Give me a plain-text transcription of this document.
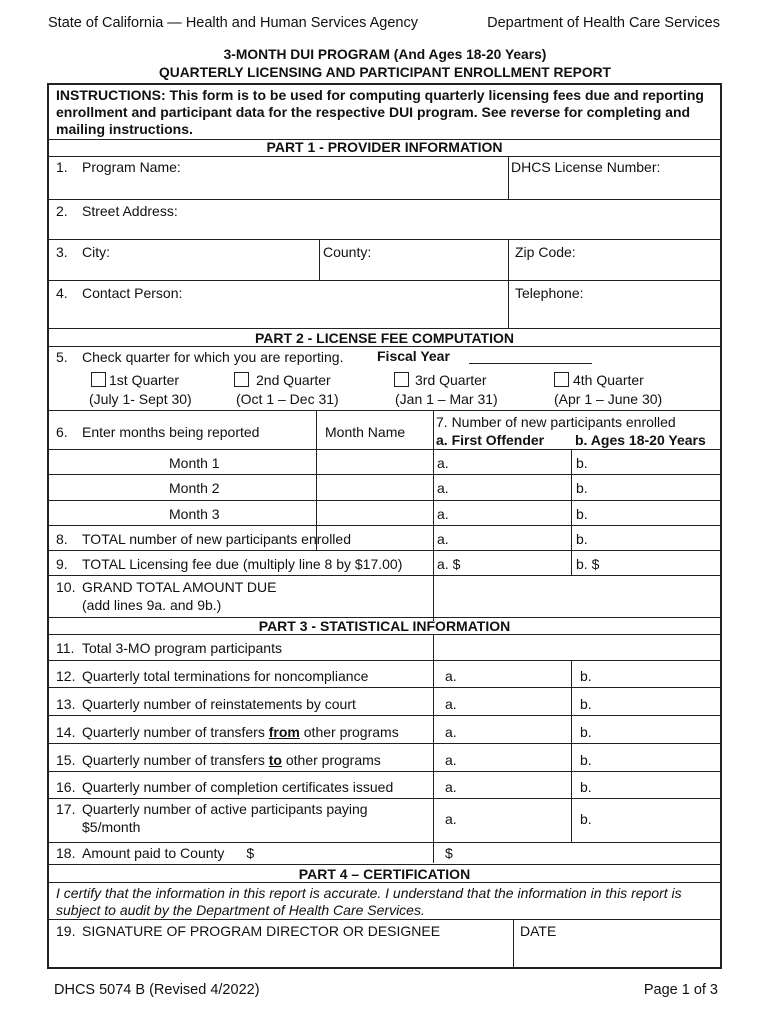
State of California — Health and Human Services Agency	Department of Health Care Services
3-MONTH DUI PROGRAM (And Ages 18-20 Years)
QUARTERLY LICENSING AND PARTICIPANT ENROLLMENT REPORT
INSTRUCTIONS: This form is to be used for computing quarterly licensing fees due and reporting enrollment and participant data for the respective DUI program. See reverse for completing and mailing instructions.
PART 1 - PROVIDER INFORMATION
1. Program Name:	DHCS License Number:
2. Street Address:
3. City:	County:	Zip Code:
4. Contact Person:	Telephone:
PART 2 - LICENSE FEE COMPUTATION
5. Check quarter for which you are reporting. Fiscal Year
1st Quarter
(July 1- Sept 30)
2nd Quarter
(Oct 1 – Dec 31)
3rd Quarter
(Jan 1 – Mar 31)
4th Quarter
(Apr 1 – June 30)
6. Enter months being reported	Month Name
7. Number of new participants enrolled
a. First Offender b. Ages 18-20 Years
Month 1	a.	b.
Month 2	a.	b.
Month 3	a.	b.
8. TOTAL number of new participants enrolled	a.	b.
9. TOTAL Licensing fee due (multiply line 8 by $17.00) a. $	b. $
10. GRAND TOTAL AMOUNT DUE
(add lines 9a. and 9b.)
PART 3 - STATISTICAL INFORMATION
11. Total 3-MO program participants
12. Quarterly total terminations for noncompliance	a.	b.
13. Quarterly number of reinstatements by court	a.	b.
14. Quarterly number of transfers from other programs	a.	b.
15. Quarterly number of transfers to other programs	a.	b.
16. Quarterly number of completion certificates issued	a.	b.
17. Quarterly number of active participants paying
$5/month	a.	b.
18. Amount paid to County $	$
PART 4 – CERTIFICATION
I certify that the information in this report is accurate. I understand that the information in this report is subject to audit by the Department of Health Care Services.
19. SIGNATURE OF PROGRAM DIRECTOR OR DESIGNEE	DATE
DHCS 5074 B (Revised 4/2022)	Page 1 of 3
